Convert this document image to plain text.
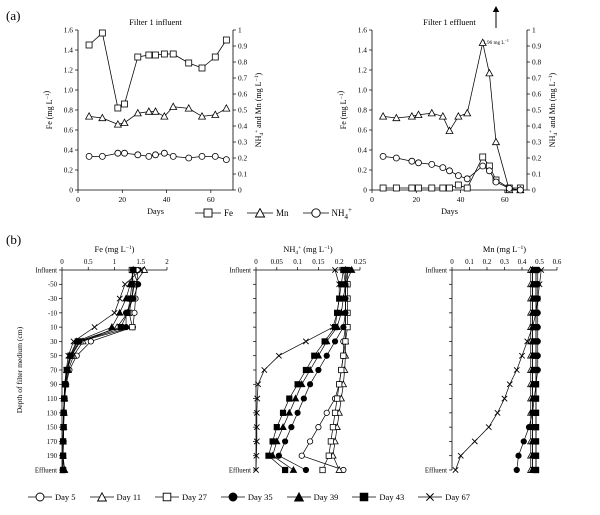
(a)	Filter 1 influent
0
0.2
0.4
0.6
0.8
1.0
1.2
1.4
1.6
0
0.1
0.2
0.3
0.4
0.5
0.6
0.7
0.8
0.9
1
0	20	40	60
Days
Fe (mg $L^{-1}$)
$NH_4^+$ and Mn (mg $L^{-1}$)
Filter 1 effluent
0
0.2
0.4
0.6
0.8
1.0
1.2
1.4
1.6
0
0.1
0.2
0.3
0.4
0.5
0.6
0.7
0.8
0.9
1
0	20	40	60
Days
Fe (mg $L^{-1}$)
$NH_4^+$ and Mn (mg $L^{-1}$)
1.96 mg $L^{-1}$
Fe	Mn	$NH_4^+$
(b)
Fe (mg $L^{-1}$)
0	0.5	1	1.5	2
Influent
-50
-30
-10
10
30
50
70
90
110
130
150
170
190
Effluent
Depth of filter medium (cm)
$NH_4^+$ (mg $L^{-1}$)
0 0.05 0.1 0.15 0.2 0.25
Influent
Effluent
Mn (mg $L^{-1}$)
0 0.1 0.2 0.3 0.4 0.5 0.6
Influent
Effluent
Day 5	Day 11	Day 27	Day 35	Day 39	Day 43	Day 67
